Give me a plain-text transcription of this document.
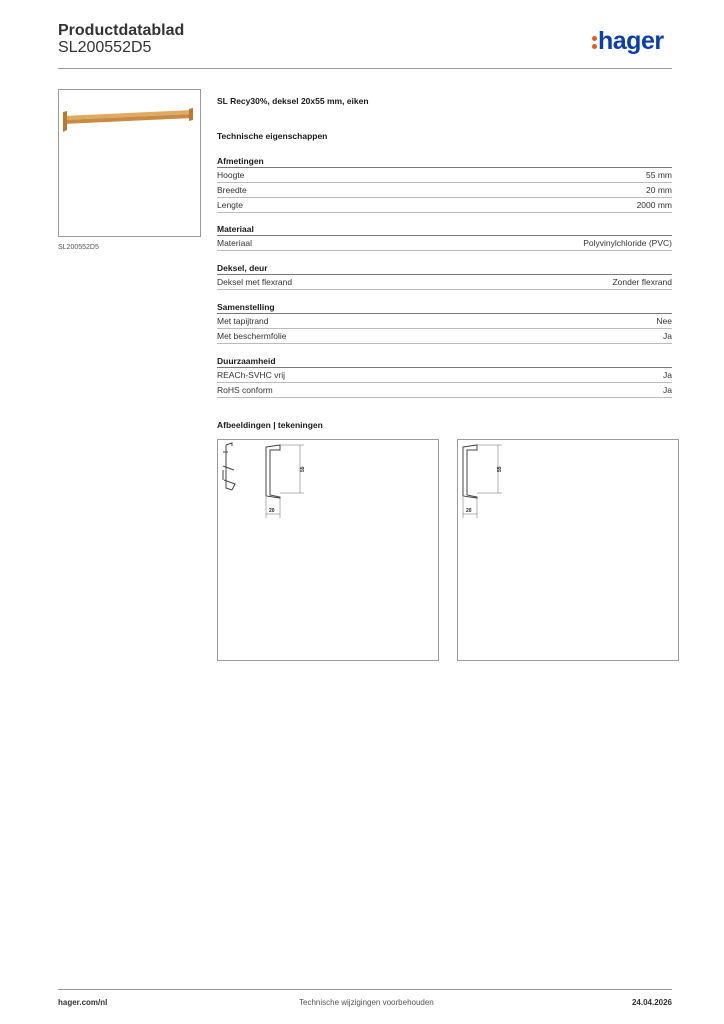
Productdatablad
SL200552D5	hager
SL200552D5
SL Recy30%, deksel 20x55 mm, eiken
Technische eigenschappen
Afmetingen
Hoogte	55 mm
Breedte	20 mm
Lengte	2000 mm
Materiaal
Materiaal	Polyvinylchloride (PVC)
Deksel, deur
Deksel met flexrand	Zonder flexrand
Samenstelling
Met tapijtrand	Nee
Met beschermfolie	Ja
Duurzaamheid
REACh-SVHC vrij	Ja
RoHS conform	Ja
Afbeeldingen | tekeningen
55
20
55
20
hager.com/nl	Technische wijzigingen voorbehouden	24.04.2026
